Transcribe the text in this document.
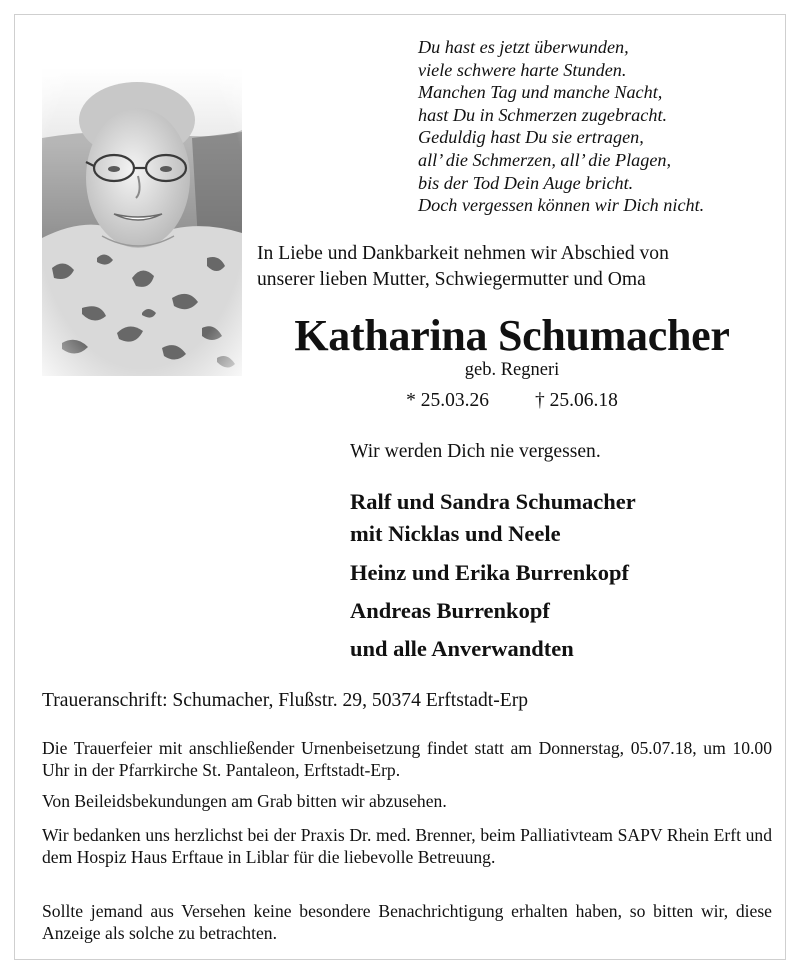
Du hast es jetzt überwunden,
viele schwere harte Stunden.
Manchen Tag und manche Nacht,
hast Du in Schmerzen zugebracht.
Geduldig hast Du sie ertragen,
all’ die Schmerzen, all’ die Plagen,
bis der Tod Dein Auge bricht.
Doch vergessen können wir Dich nicht.
In Liebe und Dankbarkeit nehmen wir Abschied von
unserer lieben Mutter, Schwiegermutter und Oma
Katharina Schumacher
geb. Regneri
* 25.03.26 † 25.06.18
Wir werden Dich nie vergessen.
Ralf und Sandra Schumacher
mit Nicklas und Neele
Heinz und Erika Burrenkopf
Andreas Burrenkopf
und alle Anverwandten
Traueranschrift: Schumacher, Flußstr. 29, 50374 Erftstadt-Erp
Die Trauerfeier mit anschließender Urnenbeisetzung findet statt am Donnerstag, 05.07.18, um 10.00 Uhr in der Pfarrkirche St. Pantaleon, Erftstadt-Erp.
Von Beileidsbekundungen am Grab bitten wir abzusehen.
Wir bedanken uns herzlichst bei der Praxis Dr. med. Brenner, beim Palliativteam SAPV Rhein Erft und dem Hospiz Haus Erftaue in Liblar für die liebevolle Betreuung.
Sollte jemand aus Versehen keine besondere Benachrichtigung erhalten haben, so bitten wir, diese Anzeige als solche zu betrachten.
